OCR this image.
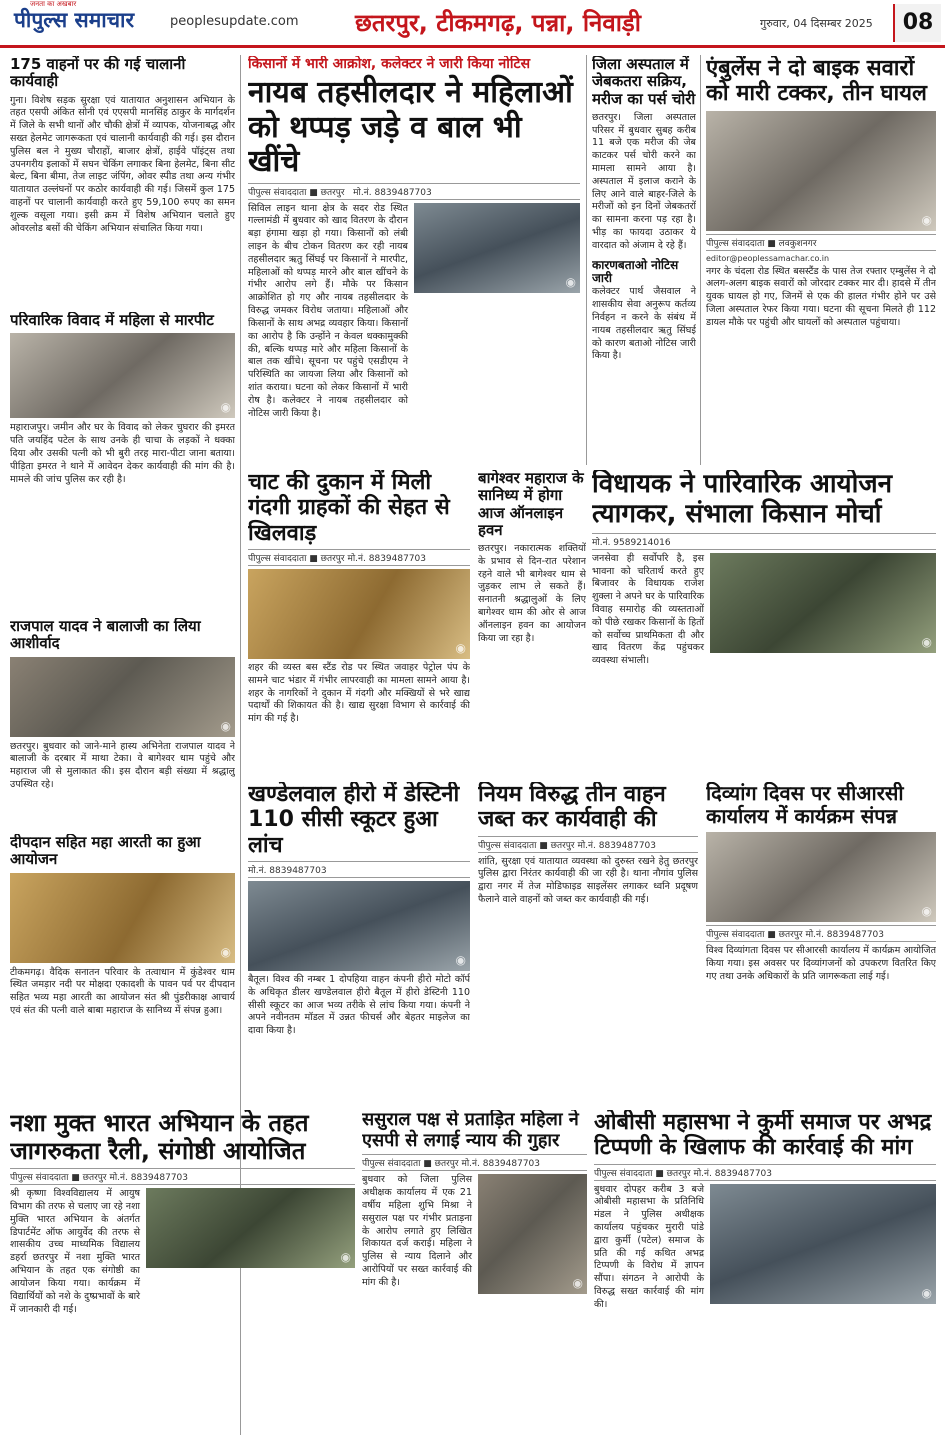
जनता का अखबार
पीपुल्स समाचार	peoplesupdate.com छतरपुर, टीकमगढ़, पन्ना, निवाड़ी	गुरुवार, 04 दिसम्बर 2025	08
175 वाहनों पर की गई चालानी कार्यवाही

गुना। विशेष सड़क सुरक्षा एवं यातायात अनुशासन अभियान के तहत एसपी अंकित सोनी एवं एएसपी मानसिंह ठाकुर के मार्गदर्शन में जिले के सभी थानों और चौकी क्षेत्रों में व्यापक, योजनाबद्ध और सख्त हेलमेट जागरूकता एवं चालानी कार्यवाही की गई। इस दौरान पुलिस बल ने मुख्य चौराहों, बाजार क्षेत्रों, हाईवे पॉइंट्स तथा उपनगरीय इलाकों में सघन चेकिंग लगाकर बिना हेलमेट, बिना सीट बेल्ट, बिना बीमा, तेज लाइट जंपिंग, ओवर स्पीड तथा अन्य गंभीर यातायात उल्लंघनों पर कठोर कार्यवाही की गई। जिसमें कुल 175 वाहनों पर चालानी कार्यवाही करते हुए 59,100 रुपए का समन शुल्क वसूला गया। इसी क्रम में विशेष अभियान चलाते हुए ओवरलोड बसों की चेकिंग अभियान संचालित किया गया।

परिवारिक विवाद में महिला से मारपीट
◉

महाराजपुर। जमीन और घर के विवाद को लेकर चुघरार की इमरत पति जयहिंद पटेल के साथ उनके ही चाचा के लड़कों ने धक्का दिया और उसकी पत्नी को भी बुरी तरह मारा-पीटा जाना बताया। पीड़िता इमरत ने थाने में आवेदन देकर कार्यवाही की मांग की है। मामले की जांच पुलिस कर रही है।

राजपाल यादव ने बालाजी का लिया आशीर्वाद
◉

छतरपुर। बुधवार को जाने-माने हास्य अभिनेता राजपाल यादव ने बालाजी के दरबार में माथा टेका। वे बागेश्वर धाम पहुंचे और महाराज जी से मुलाकात की। इस दौरान बड़ी संख्या में श्रद्धालु उपस्थित रहे।

दीपदान सहित महा आरती का हुआ आयोजन
◉

टीकमगढ़। वैदिक सनातन परिवार के तत्वाधान में कुंडेश्वर धाम स्थित जमड़ार नदी पर मोक्षदा एकादशी के पावन पर्व पर दीपदान सहित भव्य महा आरती का आयोजन संत श्री पुंडरीकाक्ष आचार्य एवं संत की पत्नी वाले बाबा महाराज के सानिध्य में संपन्न हुआ।

किसानों में भारी आक्रोश, कलेक्टर ने जारी किया नोटिस
नायब तहसीलदार ने महिलाओं को थप्पड़ जड़े व बाल भी खींचे
पीपुल्स संवाददाता ■ छतरपुर मो.नं. 8839487703

सिविल लाइन थाना क्षेत्र के सदर रोड स्थित गल्लामंडी में बुधवार को खाद वितरण के दौरान बड़ा हंगामा खड़ा हो गया। किसानों को लंबी लाइन के बीच टोकन वितरण कर रही नायब तहसीलदार ऋतु सिंघई पर किसानों ने मारपीट, महिलाओं को थप्पड़ मारने और बाल खींचने के गंभीर आरोप लगे हैं। मौके पर किसान आक्रोशित हो गए और नायब तहसीलदार के विरुद्ध जमकर विरोध जताया। महिलाओं और किसानों के साथ अभद्र व्यवहार किया। किसानों का आरोप है कि उन्होंने न केवल धक्कामुक्की की, बल्कि थप्पड़ मारे और महिला किसानों के बाल तक खींचे। सूचना पर पहुंचे एसडीएम ने परिस्थिति का जायजा लिया और किसानों को शांत कराया। घटना को लेकर किसानों में भारी रोष है। कलेक्टर ने नायब तहसीलदार को नोटिस जारी किया है।

◉
जिला अस्पताल में जेबकतरा सक्रिय, मरीज का पर्स चोरी

छतरपुर। जिला अस्पताल परिसर में बुधवार सुबह करीब 11 बजे एक मरीज की जेब काटकर पर्स चोरी करने का मामला सामने आया है। अस्पताल में इलाज कराने के लिए आने वाले बाहर-जिले के मरीजों को इन दिनों जेबकतरों का सामना करना पड़ रहा है। भीड़ का फायदा उठाकर ये वारदात को अंजाम दे रहे हैं।

कारणबताओ नोटिस जारी

कलेक्टर पार्थ जैसवाल ने शासकीय सेवा अनुरूप कर्तव्य निर्वहन न करने के संबंध में नायब तहसीलदार ऋतु सिंघई को कारण बताओ नोटिस जारी किया है।

एंबुलेंस ने दो बाइक सवारों को मारी टक्कर, तीन घायल
◉
पीपुल्स संवाददाता ■ लवकुशनगर
editor@peoplessamachar.co.in

नगर के चंदला रोड स्थित बसस्टैंड के पास तेज रफ्तार एम्बुलेंस ने दो अलग-अलग बाइक सवारों को जोरदार टक्कर मार दी। हादसे में तीन युवक घायल हो गए, जिनमें से एक की हालत गंभीर होने पर उसे जिला अस्पताल रेफर किया गया। घटना की सूचना मिलते ही 112 डायल मौके पर पहुंची और घायलों को अस्पताल पहुंचाया।

चाट की दुकान में मिली गंदगी ग्राहकों की सेहत से खिलवाड़
पीपुल्स संवाददाता ■ छतरपुर मो.नं. 8839487703
◉

शहर की व्यस्त बस स्टैंड रोड पर स्थित जवाहर पेट्रोल पंप के सामने चाट भंडार में गंभीर लापरवाही का मामला सामने आया है। शहर के नागरिकों ने दुकान में गंदगी और मक्खियों से भरे खाद्य पदार्थों की शिकायत की है। खाद्य सुरक्षा विभाग से कार्रवाई की मांग की गई है।

बागेश्वर महाराज के सानिध्य में होगा आज ऑनलाइन हवन

छतरपुर। नकारात्मक शक्तियों के प्रभाव से दिन-रात परेशान रहने वाले भी बागेश्वर धाम से जुड़कर लाभ ले सकते हैं। सनातनी श्रद्धालुओं के लिए बागेश्वर धाम की ओर से आज ऑनलाइन हवन का आयोजन किया जा रहा है।

विधायक ने पारिवारिक आयोजन त्यागकर, संभाला किसान मोर्चा
मो.नं. 9589214016

जनसेवा ही सर्वोपरि है, इस भावना को चरितार्थ करते हुए बिजावर के विधायक राजेश शुक्ला ने अपने घर के पारिवारिक विवाह समारोह की व्यस्तताओं को पीछे रखकर किसानों के हितों को सर्वोच्च प्राथमिकता दी और खाद वितरण केंद्र पहुंचकर व्यवस्था संभाली।

◉
खण्डेलवाल हीरो में डेस्टिनी 110 सीसी स्कूटर हुआ लांच
मो.नं. 8839487703
◉

बैतूल। विश्व की नम्बर 1 दोपहिया वाहन कंपनी हीरो मोटो कॉर्प के अधिकृत डीलर खण्डेलवाल हीरो बैतूल में हीरो डेस्टिनी 110 सीसी स्कूटर का आज भव्य तरीके से लांच किया गया। कंपनी ने अपने नवीनतम मॉडल में उन्नत फीचर्स और बेहतर माइलेज का दावा किया है।

नियम विरुद्ध तीन वाहन जब्त कर कार्यवाही की
पीपुल्स संवाददाता ■ छतरपुर मो.नं. 8839487703

शांति, सुरक्षा एवं यातायात व्यवस्था को दुरुस्त रखने हेतु छतरपुर पुलिस द्वारा निरंतर कार्यवाही की जा रही है। थाना नौगांव पुलिस द्वारा नगर में तेज मोडिफाइड साइलेंसर लगाकर ध्वनि प्रदूषण फैलाने वाले वाहनों को जब्त कर कार्यवाही की गई।

दिव्यांग दिवस पर सीआरसी कार्यालय में कार्यक्रम संपन्न
◉
पीपुल्स संवाददाता ■ छतरपुर मो.नं. 8839487703

विश्व दिव्यांगता दिवस पर सीआरसी कार्यालय में कार्यक्रम आयोजित किया गया। इस अवसर पर दिव्यांगजनों को उपकरण वितरित किए गए तथा उनके अधिकारों के प्रति जागरूकता लाई गई।

नशा मुक्त भारत अभियान के तहत जागरुकता रैली, संगोष्ठी आयोजित
पीपुल्स संवाददाता ■ छतरपुर मो.नं. 8839487703

श्री कृष्णा विश्वविद्यालय में आयुष विभाग की तरफ से चलाए जा रहे नशा मुक्ति भारत अभियान के अंतर्गत डिपार्टमेंट ऑफ आयुर्वेद की तरफ से शासकीय उच्च माध्यमिक विद्यालय डहर्रा छतरपुर में नशा मुक्ति भारत अभियान के तहत एक संगोष्ठी का आयोजन किया गया। कार्यक्रम में विद्यार्थियों को नशे के दुष्प्रभावों के बारे में जानकारी दी गई।

◉
ससुराल पक्ष से प्रताड़ित महिला ने एसपी से लगाई न्याय की गुहार
पीपुल्स संवाददाता ■ छतरपुर मो.नं. 8839487703

बुधवार को जिला पुलिस अधीक्षक कार्यालय में एक 21 वर्षीय महिला शुभि मिश्रा ने ससुराल पक्ष पर गंभीर प्रताड़ना के आरोप लगाते हुए लिखित शिकायत दर्ज कराई। महिला ने पुलिस से न्याय दिलाने और आरोपियों पर सख्त कार्रवाई की मांग की है।	◉
ओबीसी महासभा ने कुर्मी समाज पर अभद्र टिप्पणी के खिलाफ की कार्रवाई की मांग
पीपुल्स संवाददाता ■ छतरपुर मो.नं. 8839487703

बुधवार दोपहर करीब 3 बजे ओबीसी महासभा के प्रतिनिधि मंडल ने पुलिस अधीक्षक कार्यालय पहुंचकर मुरारी पांडे द्वारा कुर्मी (पटेल) समाज के प्रति की गई कथित अभद्र टिप्पणी के विरोध में ज्ञापन सौंपा। संगठन ने आरोपी के विरुद्ध सख्त कार्रवाई की मांग की।

◉
